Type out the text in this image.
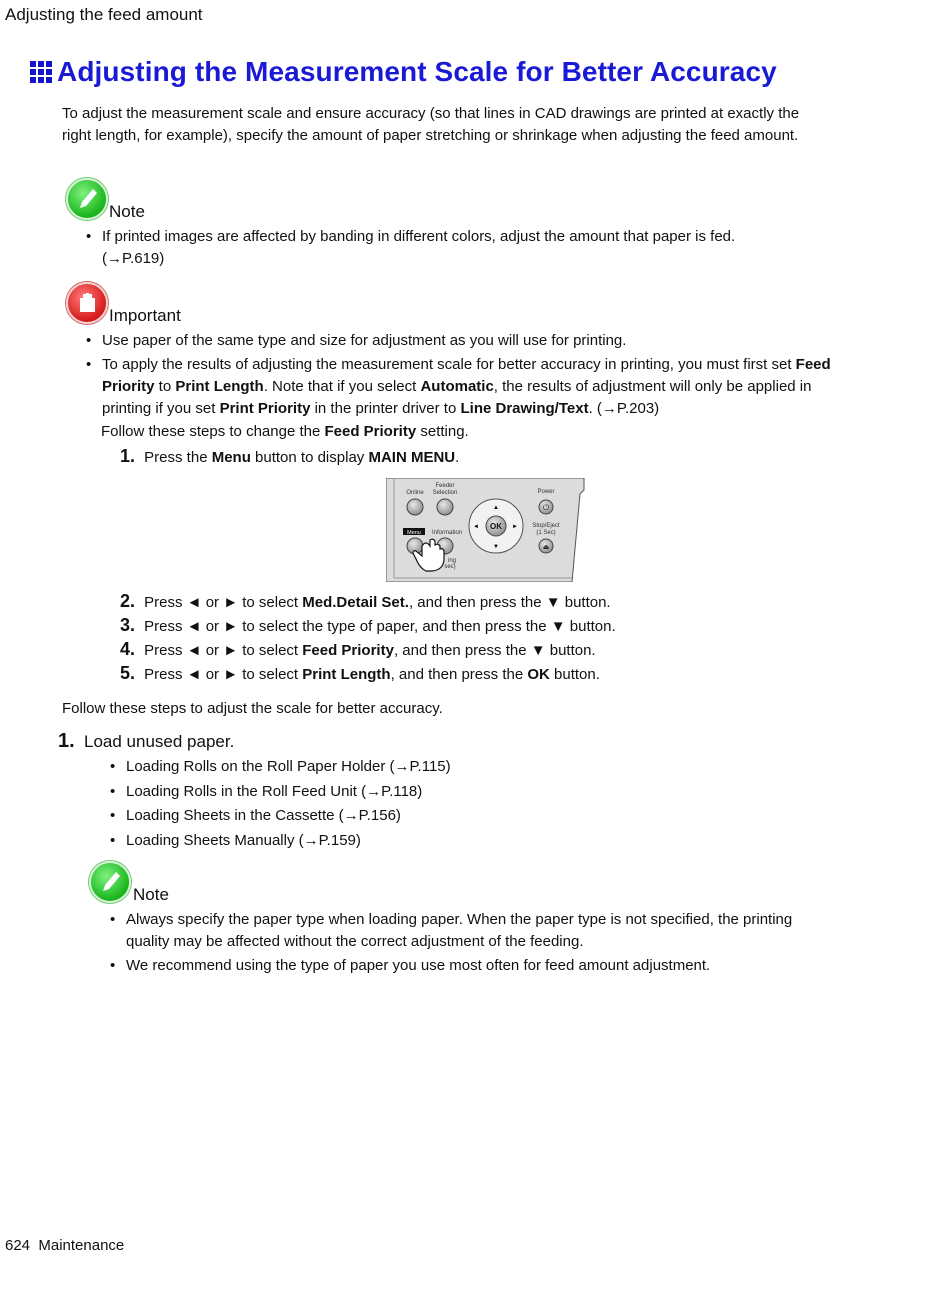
Adjusting the feed amount
Adjusting the Measurement Scale for Better Accuracy
To adjust the measurement scale and ensure accuracy (so that lines in CAD drawings are printed at exactly the right length, for example), specify the amount of paper stretching or shrinkage when adjusting the feed amount.
Note
• If printed images are affected by banding in different colors, adjust the amount that paper is fed. (→P.619)
Important
• Use paper of the same type and size for adjustment as you will use for printing.
• To apply the results of adjusting the measurement scale for better accuracy in printing, you must first set Feed Priority to Print Length. Note that if you select Automatic, the results of adjustment will only be applied in printing if you set Print Priority in the printer driver to Line Drawing/Text. (→P.203)
Follow these steps to change the Feed Priority setting.
1. Press the Menu button to display MAIN MENU.
Online
Feeder
Selection	Power
⏻
Menu Information
OK
▲
▼
◄	► Stop/Eject
(1 Sec)
⏏
ing
sec)
2. Press ◄ or ► to select Med.Detail Set., and then press the ▼ button.
3. Press ◄ or ► to select the type of paper, and then press the ▼ button.
4. Press ◄ or ► to select Feed Priority, and then press the ▼ button.
5. Press ◄ or ► to select Print Length, and then press the OK button.
Follow these steps to adjust the scale for better accuracy.
1. Load unused paper.
• Loading Rolls on the Roll Paper Holder (→P.115)
• Loading Rolls in the Roll Feed Unit (→P.118)
• Loading Sheets in the Cassette (→P.156)
• Loading Sheets Manually (→P.159)
Note
• Always specify the paper type when loading paper. When the paper type is not specified, the printing quality may be affected without the correct adjustment of the feeding.
• We recommend using the type of paper you use most often for feed amount adjustment.
624 Maintenance
